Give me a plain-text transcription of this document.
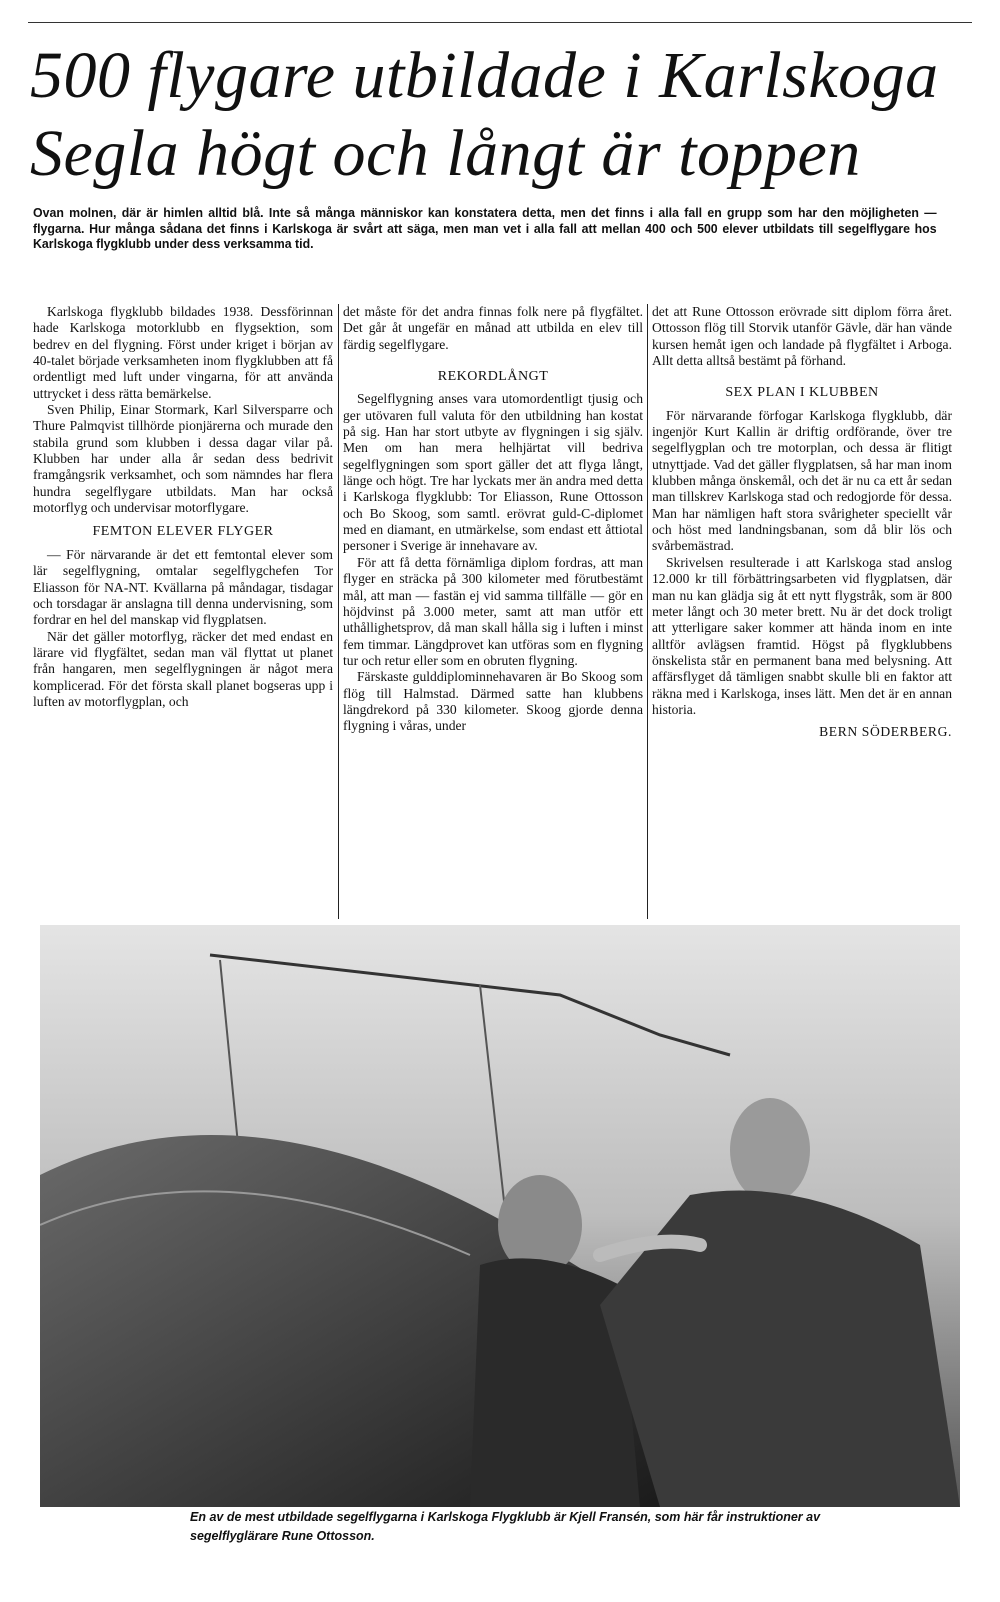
500 flygare utbildade i Karlskoga
Segla högt och långt är toppen
Ovan molnen, där är himlen alltid blå. Inte så många människor kan konstatera detta, men det finns i alla fall en grupp som har den möjligheten — flygarna. Hur många sådana det finns i Karlskoga är svårt att säga, men man vet i alla fall att mellan 400 och 500 elever utbildats till segelflygare hos Karlskoga flygklubb under dess verksamma tid.

Karlskoga flygklubb bildades 1938. Dessförinnan hade Karlskoga motorklubb en flygsektion, som bedrev en del flygning. Först under kriget i början av 40-talet började verksamheten inom flygklubben att få ordentligt med luft under vingarna, för att använda uttrycket i dess rätta bemärkelse.

Sven Philip, Einar Stormark, Karl Silversparre och Thure Palmqvist tillhörde pionjärerna och murade den stabila grund som klubben i dessa dagar vilar på. Klubben har under alla år sedan dess bedrivit framgångsrik verksamhet, och som nämndes har flera hundra segelflygare utbildats. Man har också motorflyg och undervisar motorflygare.

FEMTON ELEVER FLYGER

— För närvarande är det ett femtontal elever som lär segelflygning, omtalar segelflygchefen Tor Eliasson för NA-NT. Kvällarna på måndagar, tisdagar och torsdagar är anslagna till denna undervisning, som fordrar en hel del manskap vid flygplatsen.

När det gäller motorflyg, räcker det med endast en lärare vid flygfältet, sedan man väl flyttat ut planet från hangaren, men segelflygningen är något mera komplicerad. För det första skall planet bogseras upp i luften av motorflygplan, och

det måste för det andra finnas folk nere på flygfältet. Det går åt ungefär en månad att utbilda en elev till färdig segelflygare.

REKORDLÅNGT

Segelflygning anses vara utomordentligt tjusig och ger utövaren full valuta för den utbildning han kostat på sig. Han har stort utbyte av flygningen i sig själv. Men om han mera helhjärtat vill bedriva segelflygningen som sport gäller det att flyga långt, länge och högt. Tre har lyckats mer än andra med detta i Karlskoga flygklubb: Tor Eliasson, Rune Ottosson och Bo Skoog, som samtl. erövrat guld-C-diplomet med en diamant, en utmärkelse, som endast ett åttiotal personer i Sverige är innehavare av.

För att få detta förnämliga diplom fordras, att man flyger en sträcka på 300 kilometer med förutbestämt mål, att man — fastän ej vid samma tillfälle — gör en höjdvinst på 3.000 meter, samt att man utför ett uthållighetsprov, då man skall hålla sig i luften i minst fem timmar. Längdprovet kan utföras som en flygning tur och retur eller som en obruten flygning.

Färskaste gulddiplominnehavaren är Bo Skoog som flög till Halmstad. Därmed satte han klubbens längdrekord på 330 kilometer. Skoog gjorde denna flygning i våras, under

det att Rune Ottosson erövrade sitt diplom förra året. Ottosson flög till Storvik utanför Gävle, där han vände kursen hemåt igen och landade på flygfältet i Arboga. Allt detta alltså bestämt på förhand.

SEX PLAN I KLUBBEN

För närvarande förfogar Karlskoga flygklubb, där ingenjör Kurt Kallin är driftig ordförande, över tre segelflygplan och tre motorplan, och dessa är flitigt utnyttjade. Vad det gäller flygplatsen, så har man inom klubben många önskemål, och det är nu ca ett år sedan man tillskrev Karlskoga stad och redogjorde för dessa. Man har nämligen haft stora svårigheter speciellt vår och höst med landningsbanan, som då blir lös och svårbemästrad.

Skrivelsen resulterade i att Karlskoga stad anslog 12.000 kr till förbättringsarbeten vid flygplatsen, där man nu kan glädja sig åt ett nytt flygstråk, som är 800 meter långt och 30 meter brett. Nu är det dock troligt att ytterligare saker kommer att hända inom en inte alltför avlägsen framtid. Högst på flygklubbens önskelista står en permanent bana med belysning. Att affärsflyget då tämligen snabbt skulle bli en faktor att räkna med i Karlskoga, inses lätt. Men det är en annan historia.

BERN SÖDERBERG.
En av de mest utbildade segelflygarna i Karlskoga Flygklubb är Kjell Fransén, som här får instruktioner av segelflyglärare Rune Ottosson.
